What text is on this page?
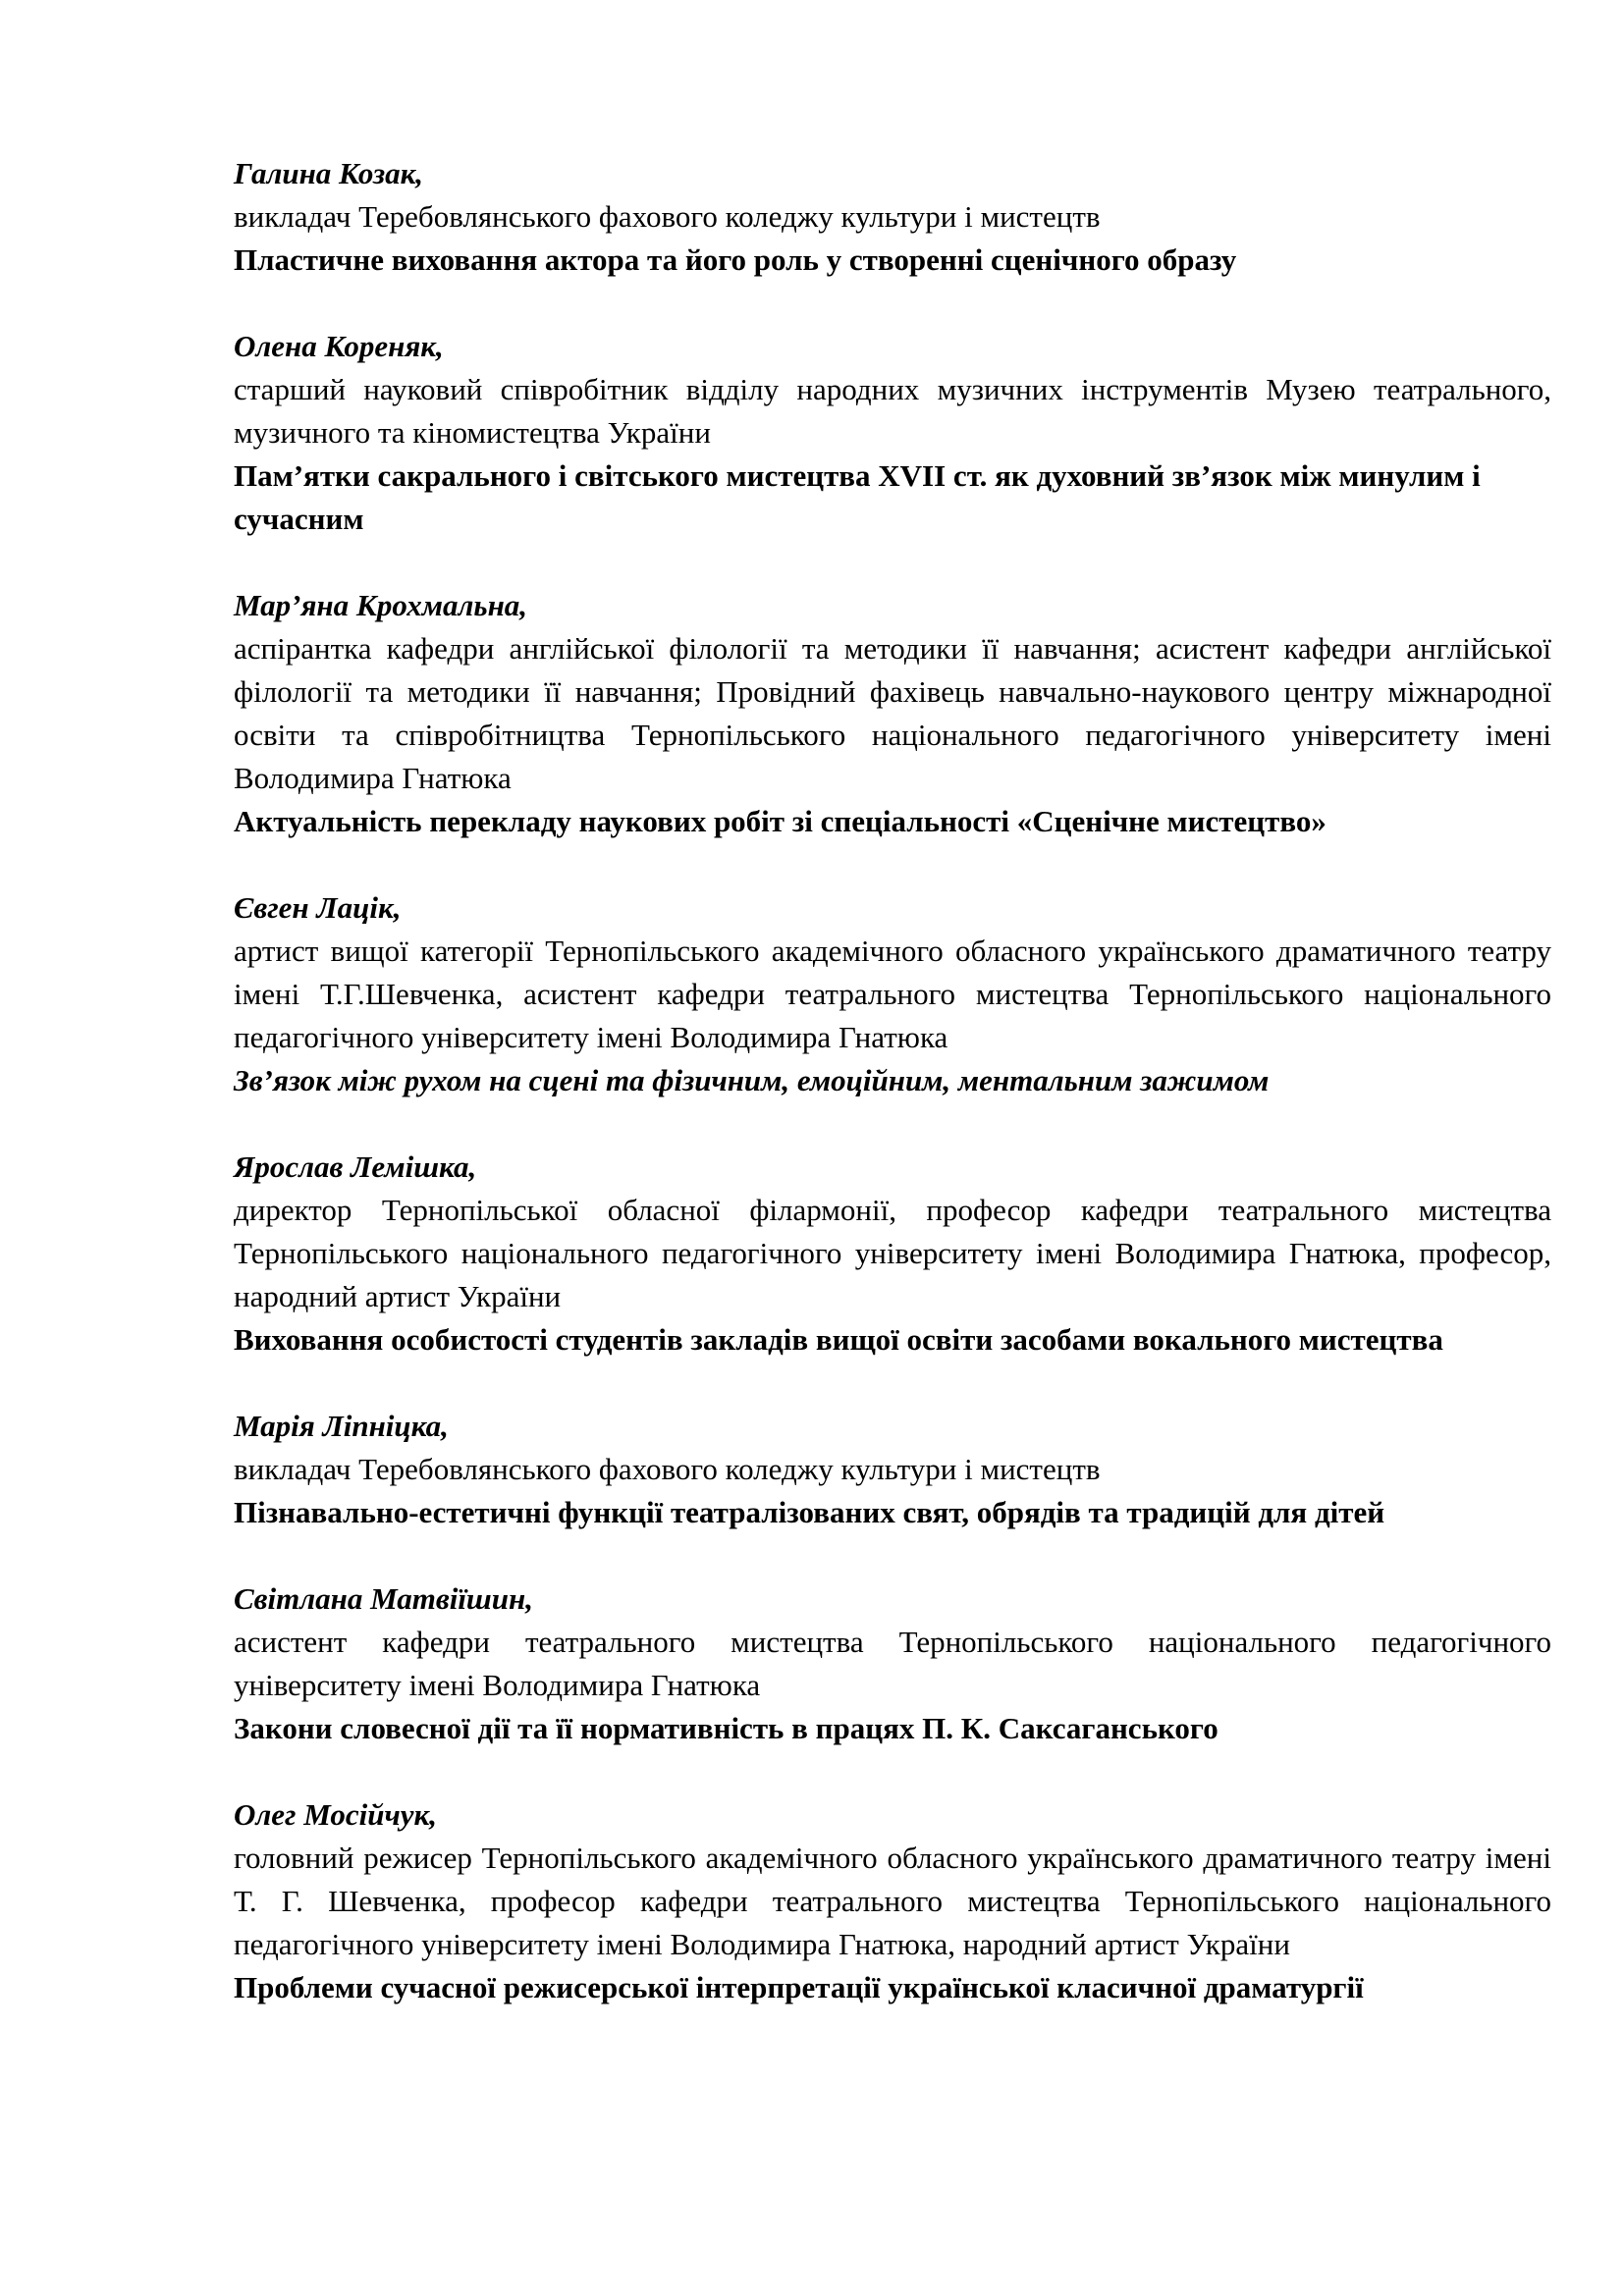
Галина Козак,

викладач Теребовлянського фахового коледжу культури і мистецтв

Пластичне виховання актора та його роль у створенні сценічного образу

Олена Кореняк,

старший науковий співробітник відділу народних музичних інструментів Музею театрального, музичного та кіномистецтва України

Пам’ятки сакрального і світського мистецтва XVII ст. як духовний зв’язок між минулим і сучасним

Мар’яна Крохмальна,

аспірантка кафедри англійської філології та методики її навчання; асистент кафедри англійської філології та методики її навчання; Провідний фахівець навчально-наукового центру міжнародної освіти та співробітництва Тернопільського національного педагогічного університету імені Володимира Гнатюка

Актуальність перекладу наукових робіт зі спеціальності «Сценічне мистецтво»

Євген Лацік,

артист вищої категорії Тернопільського академічного обласного українського драматичного театру імені Т.Г.Шевченка, асистент кафедри театрального мистецтва Тернопільського національного педагогічного університету імені Володимира Гнатюка

Зв’язок між рухом на сцені та фізичним, емоційним, ментальним зажимом

Ярослав Лемішка,

директор Тернопільської обласної філармонії, професор кафедри театрального мистецтва Тернопільського національного педагогічного університету імені Володимира Гнатюка, професор, народний артист України

Виховання особистості студентів закладів вищої освіти засобами вокального мистецтва

Марія Ліпніцка,

викладач Теребовлянського фахового коледжу культури і мистецтв

Пізнавально-естетичні функції театралізованих свят, обрядів та традицій для дітей

Світлана Матвіїшин,

асистент кафедри театрального мистецтва Тернопільського національного педагогічного університету імені Володимира Гнатюка

Закони словесної дії та її нормативність в працях П. К. Саксаганського

Олег Мосійчук,

головний режисер Тернопільського академічного обласного українського драматичного театру імені Т. Г. Шевченка, професор кафедри театрального мистецтва Тернопільського національного педагогічного університету імені Володимира Гнатюка, народний артист України

Проблеми сучасної режисерської інтерпретації української класичної драматургії
